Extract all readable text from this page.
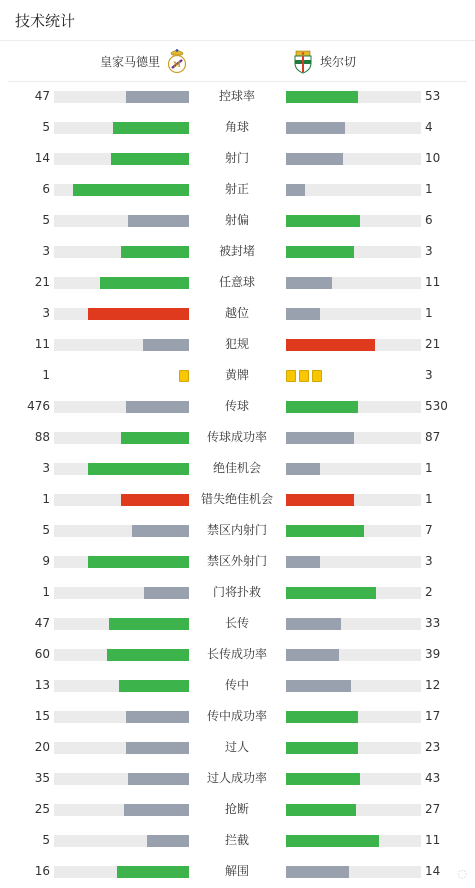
技术统计
皇家马德里 M	埃尔切
47	控球率	53
5	角球	4
14	射门	10
6	射正	1
5	射偏	6
3	被封堵	3
21	任意球	11
3	越位	1
11	犯规	21
1	黄牌	3
476	传球	530
88	传球成功率	87
3	绝佳机会	1
1	错失绝佳机会	1
5	禁区内射门	7
9	禁区外射门	3
1	门将扑救	2
47	长传	33
60	长传成功率	39
13	传中	12
15	传中成功率	17
20	过人	23
35	过人成功率	43
25	抢断	27
5	拦截	11
16	解围	14 ◌
